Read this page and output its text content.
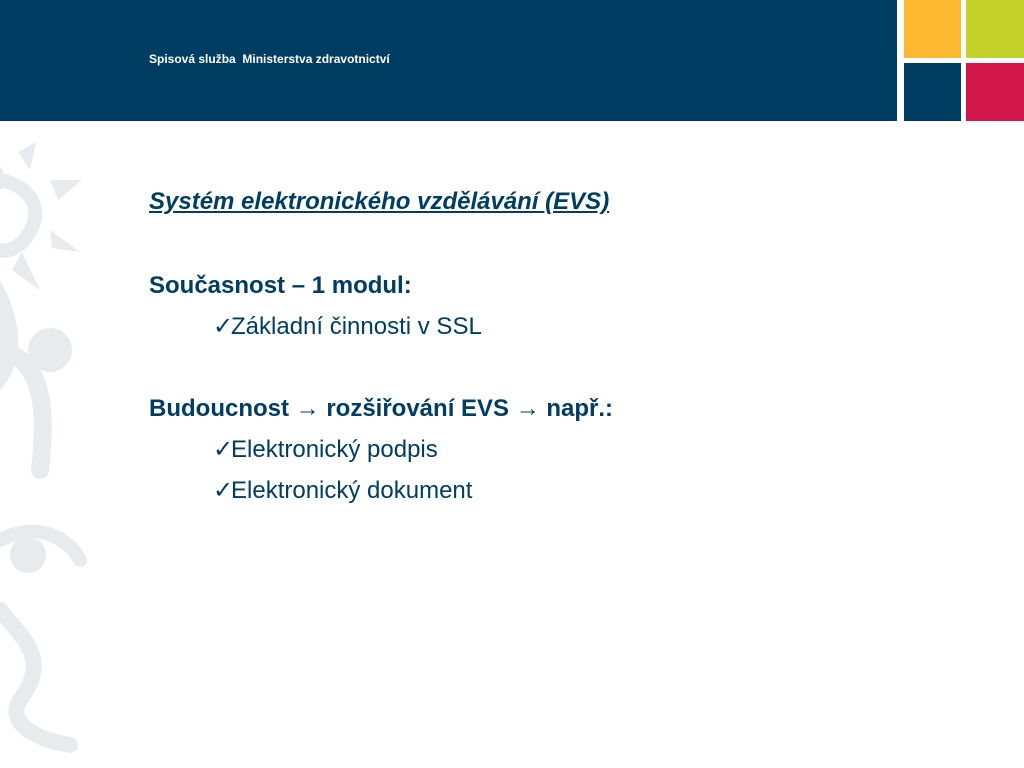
Spisová služba  Ministerstva zdravotnictví

Systém elektronického vzdělávání (EVS)

Současnost – 1 modul:

✓Základní činnosti v SSL

Budoucnost → rozšiřování EVS → např.:

✓Elektronický podpis

✓Elektronický dokument
